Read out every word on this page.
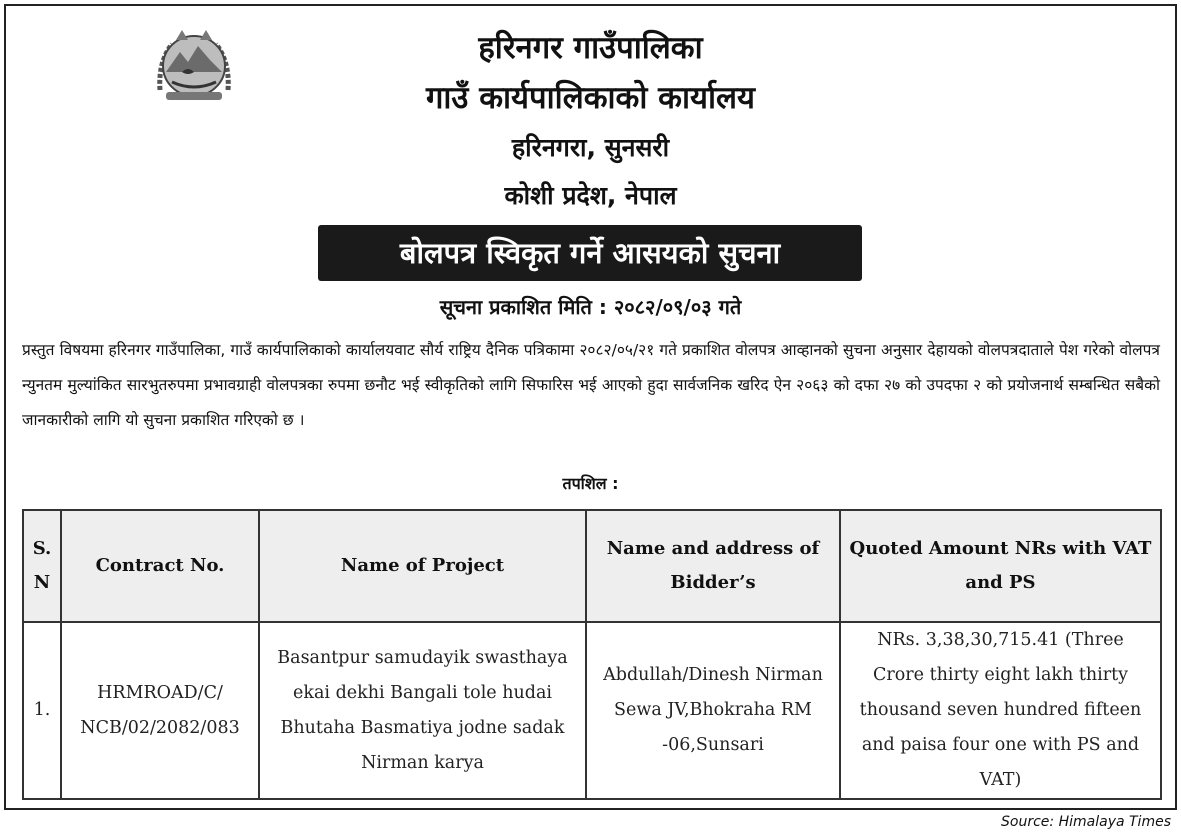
हरिनगर गाउँपालिका
गाउँ कार्यपालिकाको कार्यालय
हरिनगरा, सुनसरी
कोशी प्रदेश, नेपाल
बोलपत्र स्विकृत गर्ने आसयको सुचना
सूचना प्रकाशित मिति : २०८२/०९/०३ गते
प्रस्तुत विषयमा हरिनगर गाउँपालिका, गाउँ कार्यपालिकाको कार्यालयवाट सौर्य राष्ट्रिय दैनिक पत्रिकामा २०८२/०५/२१ गते प्रकाशित वोलपत्र आव्हानको सुचना अनुसार देहायको वोलपत्रदाताले पेश गरेको वोलपत्र न्युनतम मुल्यांकित सारभुतरुपमा प्रभावग्राही वोलपत्रका रुपमा छनौट भई स्वीकृतिको लागि सिफारिस भई आएको हुदा सार्वजनिक खरिद ऐन २०६३ को दफा २७ को उपदफा २ को प्रयोजनार्थ सम्बन्धित सबैको जानकारीको लागि यो सुचना प्रकाशित गरिएको छ ।
तपशिल :
S. N	Contract No.	Name of Project	Name and address of Bidder’s	Quoted Amount NRs with VAT and PS
1.	HRMROAD/C/ NCB/02/2082/083	Basantpur samudayik swasthaya ekai dekhi Bangali tole hudai Bhutaha Basmatiya jodne sadak Nirman karya	Abdullah/Dinesh Nirman Sewa JV,Bhokraha RM -06,Sunsari	NRs. 3,38,30,715.41 (Three Crore thirty eight lakh thirty thousand seven hundred fifteen and paisa four one with PS and VAT)
Source: Himalaya Times
